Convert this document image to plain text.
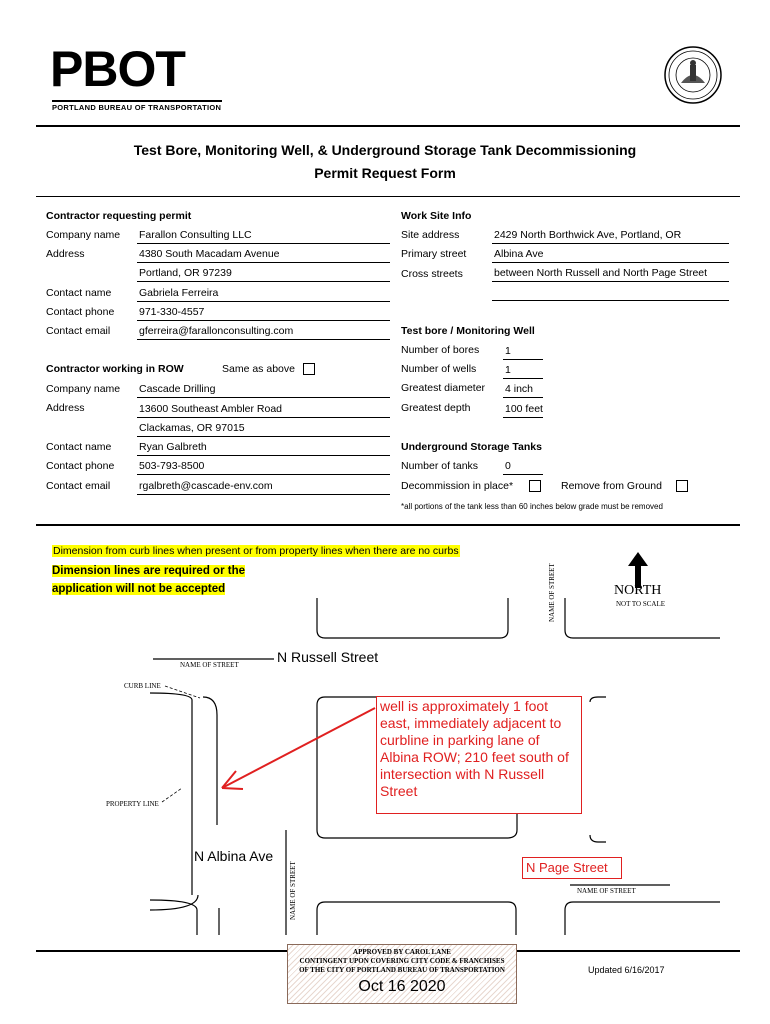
PBOT
PORTLAND BUREAU OF TRANSPORTATION
Test Bore, Monitoring Well, & Underground Storage Tank Decommissioning
Permit Request Form
Contractor requesting permit
Company name Farallon Consulting LLC
Address	4380 South Macadam Avenue
Portland, OR 97239
Contact name	Gabriela Ferreira
Contact phone 971-330-4557
Contact email	gferreira@farallonconsulting.com
Contractor working in ROW	Same as above
Company name Cascade Drilling
Address	13600 Southeast Ambler Road
Clackamas, OR 97015
Contact name	Ryan Galbreth
Contact phone 503-793-8500
Contact email	rgalbreth@cascade-env.com
Work Site Info
Site address	2429 North Borthwick Ave, Portland, OR
Primary street	Albina Ave
Cross streets	between North Russell and North Page Street
Test bore / Monitoring Well
Number of bores 1
Number of wells	1
Greatest diameter 4 inch
Greatest depth	100 feet
Underground Storage Tanks
Number of tanks	0
Decommission in place*	Remove from Ground
*all portions of the tank less than 60 inches below grade must be removed
Dimension from curb lines when present or from property lines when there are no curbs
Dimension lines are required or the
application will not be accepted	NAME OF STREET	NORTH
NOT TO SCALE
NAME OF STREET	N Russell Street
CURB LINE
PROPERTY LINE
well is approximately 1 foot east, immediately adjacent to curbline in parking lane of Albina ROW; 210 feet south of intersection with N Russell Street
N Albina Ave
NAME OF STREET	N Page Street
NAME OF STREET
APPROVED BY CAROL LANE
CONTINGENT UPON COVERING CITY CODE & FRANCHISES
OF THE CITY OF PORTLAND BUREAU OF TRANSPORTATION
Oct 16 2020
Updated 6/16/2017
